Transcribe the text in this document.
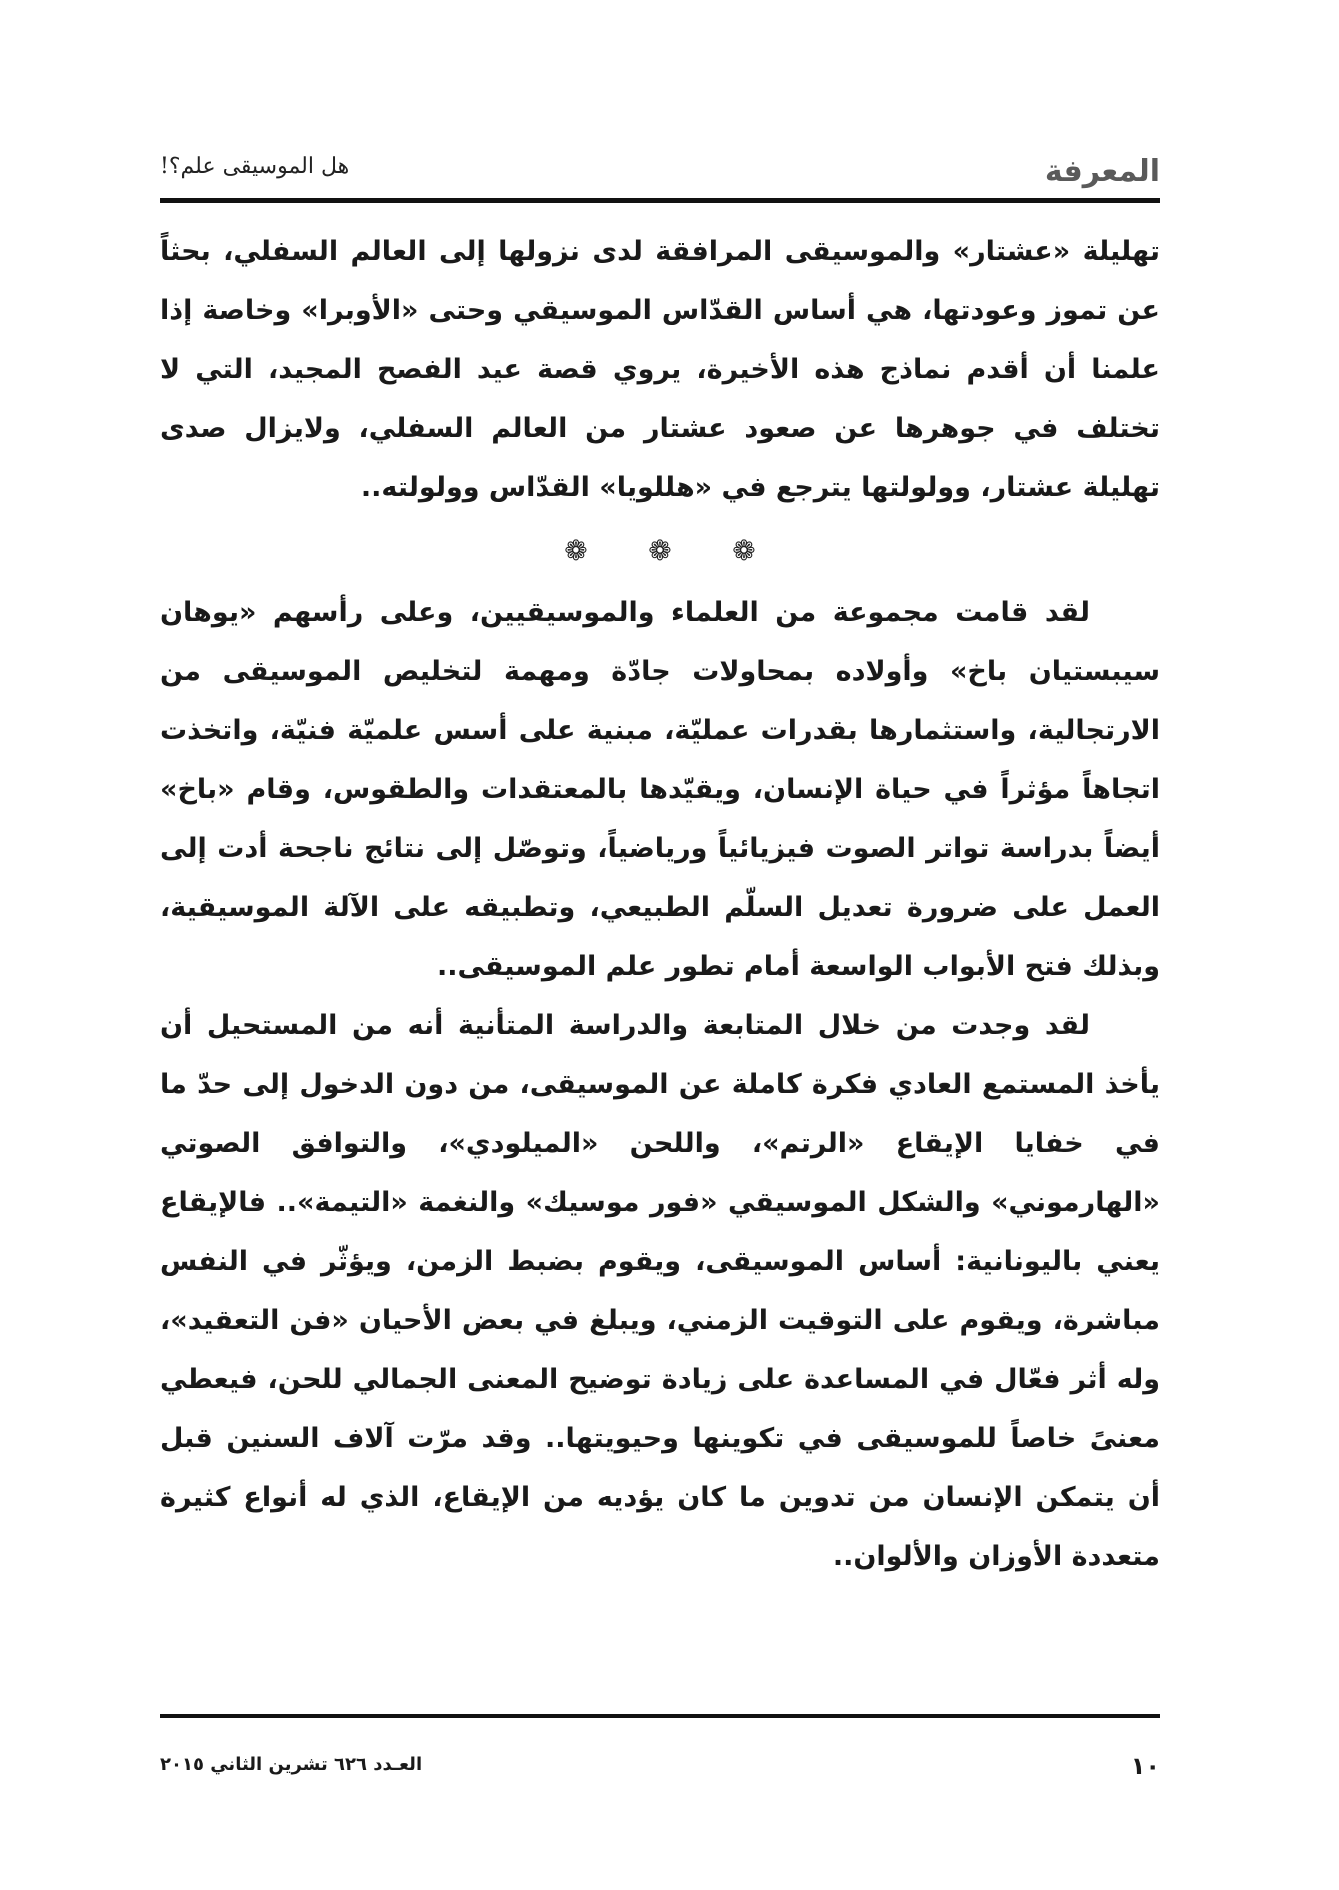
المعرفة
هل الموسيقى علم؟!

تهليلة «عشتار» والموسيقى المرافقة لدى نزولها إلى العالم السفلي، بحثاً عن تموز وعودتها، هي أساس القدّاس الموسيقي وحتى «الأوبرا» وخاصة إذا علمنا أن أقدم نماذج هذه الأخيرة، يروي قصة عيد الفصح المجيد، التي لا تختلف في جوهرها عن صعود عشتار من العالم السفلي، ولايزال صدى تهليلة عشتار، وولولتها يترجع في «هللويا» القدّاس وولولته..

❁ ❁ ❁

لقد قامت مجموعة من العلماء والموسيقيين، وعلى رأسهم «يوهان سيبستيان باخ» وأولاده بمحاولات جادّة ومهمة لتخليص الموسيقى من الارتجالية، واستثمارها بقدرات عمليّة، مبنية على أسس علميّة فنيّة، واتخذت اتجاهاً مؤثراً في حياة الإنسان، ويقيّدها بالمعتقدات والطقوس، وقام «باخ» أيضاً بدراسة تواتر الصوت فيزيائياً ورياضياً، وتوصّل إلى نتائج ناجحة أدت إلى العمل على ضرورة تعديل السلّم الطبيعي، وتطبيقه على الآلة الموسيقية، وبذلك فتح الأبواب الواسعة أمام تطور علم الموسيقى..

لقد وجدت من خلال المتابعة والدراسة المتأنية أنه من المستحيل أن يأخذ المستمع العادي فكرة كاملة عن الموسيقى، من دون الدخول إلى حدّ ما في خفايا الإيقاع «الرتم»، واللحن «الميلودي»، والتوافق الصوتي «الهارموني» والشكل الموسيقي «فور موسيك» والنغمة «التيمة».. فالإيقاع يعني باليونانية: أساس الموسيقى، ويقوم بضبط الزمن، ويؤثّر في النفس مباشرة، ويقوم على التوقيت الزمني، ويبلغ في بعض الأحيان «فن التعقيد»، وله أثر فعّال في المساعدة على زيادة توضيح المعنى الجمالي للحن، فيعطي معنىً خاصاً للموسيقى في تكوينها وحيويتها.. وقد مرّت آلاف السنين قبل أن يتمكن الإنسان من تدوين ما كان يؤديه من الإيقاع، الذي له أنواع كثيرة متعددة الأوزان والألوان..

١٠
العـدد ٦٢٦ تشرين الثاني ٢٠١٥
